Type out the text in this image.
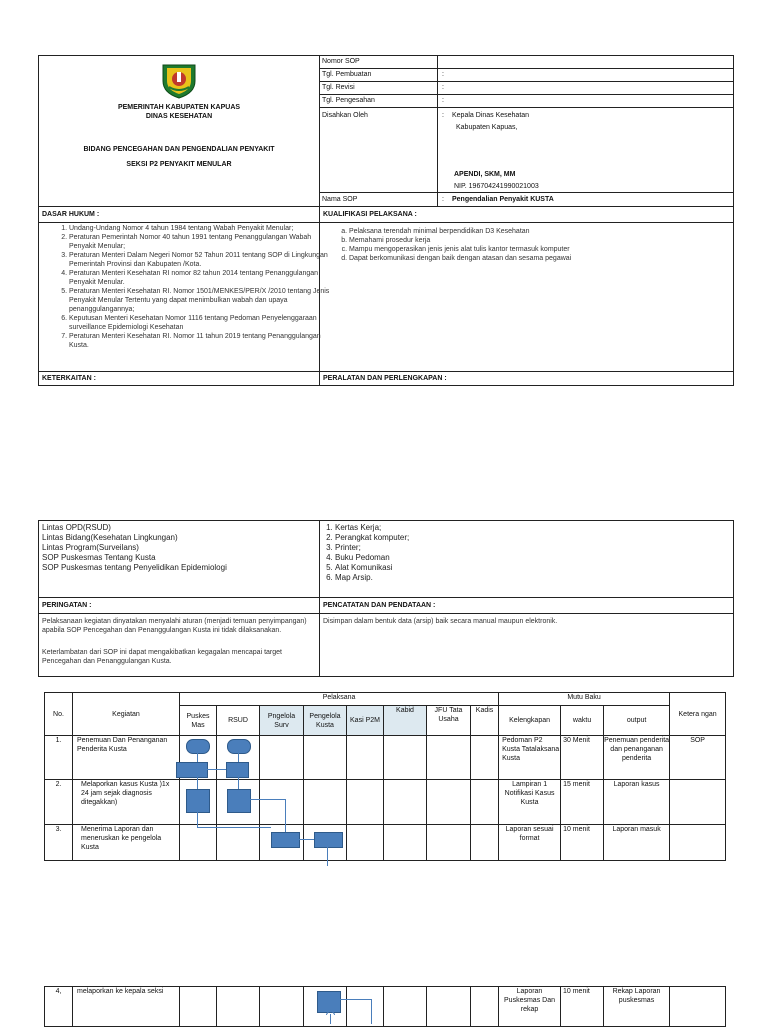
PEMERINTAH KABUPATEN KAPUAS
DINAS KESEHATAN
BIDANG PENCEGAHAN DAN PENGENDALIAN PENYAKIT
SEKSI P2 PENYAKIT MENULAR
Nomor SOP
Tgl. Pembuatan	:
Tgl. Revisi	:
Tgl. Pengesahan	:
Disahkan Oleh	: Kepala Dinas Kesehatan
Kabupaten Kapuas,
APENDI, SKM, MM
NIP. 196704241990021003
Nama SOP	: Pengendalian Penyakit KUSTA
DASAR HUKUM :	KUALIFIKASI PELAKSANA :
1. Undang-Undang Nomor 4 tahun 1984 tentang Wabah Penyakit Menular;
2. Peraturan Pemerintah Nomor 40 tahun 1991 tentang Penanggulangan Wabah Penyakit Menular;
3. Peraturan Menteri Dalam Negeri Nomor 52 Tahun 2011 tentang SOP di Lingkungan Pemerintah Provinsi dan Kabupaten /Kota.
4. Peraturan Menteri Kesehatan RI nomor 82 tahun 2014 tentang Penanggulangan Penyakit Menular.
5. Peraturan Menteri Kesehatan RI. Nomor 1501/MENKES/PER/X /2010 tentang Jenis Penyakit Menular Tertentu yang dapat menimbulkan wabah dan upaya penanggulangannya;
6. Keputusan Menteri Kesehatan Nomor 1116 tentang Pedoman Penyelenggaraan surveillance Epidemiologi Kesehatan
7. Peraturan Menteri Kesehatan RI. Nomor 11 tahun 2019 tentang Penanggulangan Kusta.
a. Pelaksana terendah minimal berpendidikan D3 Kesehatan
b. Memahami prosedur kerja
c. Mampu mengoperasikan jenis jenis alat tulis kantor termasuk komputer
d. Dapat berkomunikasi dengan baik dengan atasan dan sesama pegawai
KETERKAITAN :	PERALATAN DAN PERLENGKAPAN :
Lintas OPD(RSUD)
Lintas Bidang(Kesehatan Lingkungan)
Lintas Program(Surveilans)
SOP Puskesmas Tentang Kusta
SOP Puskesmas tentang Penyelidikan Epidemiologi
1. Kertas Kerja;
2. Perangkat komputer;
3. Printer;
4. Buku Pedoman
5. Alat Komunikasi
6. Map Arsip.
PERINGATAN :	PENCATATAN DAN PENDATAAN :
Pelaksanaan kegiatan dinyatakan menyalahi aturan (menjadi temuan penyimpangan) apabila SOP Pencegahan dan Penanggulangan Kusta ini tidak dilaksanakan.
Keterlambatan dari SOP ini dapat mengakibatkan kegagalan mencapai target Pencegahan dan Penanggulangan Kusta.
Disimpan dalam bentuk data (arsip) baik secara manual maupun elektronik.
No.	Kegiatan	Pelaksana								Mutu Baku			Ketera ngan
		Puskes Mas	RSUD	Pngelola Surv	Pengelola Kusta	Kasi P2M	Kabid	JFU Tata Usaha	Kadis	Kelengkapan	waktu	output	
1.	Penemuan Dan Penanganan Penderita Kusta									Pedoman P2 Kusta Tatalaksana Kusta	30 Menit	Penemuan penderita dan penanganan penderita	SOP
2.	Melaporkan kasus Kusta )1x 24 jam sejak diagnosis ditegakkan)									Lampiran 1 Notifikasi Kasus Kusta	15 menit	Laporan kasus	
3.	Menerima Laporan dan meneruskan ke pengelola Kusta									Laporan sesuai format	10 menit	Laporan masuk	
4,	melaporkan ke kepala seksi									Laporan Puskesmas Dan rekap	10 menit	Rekap Laporan puskesmas	
